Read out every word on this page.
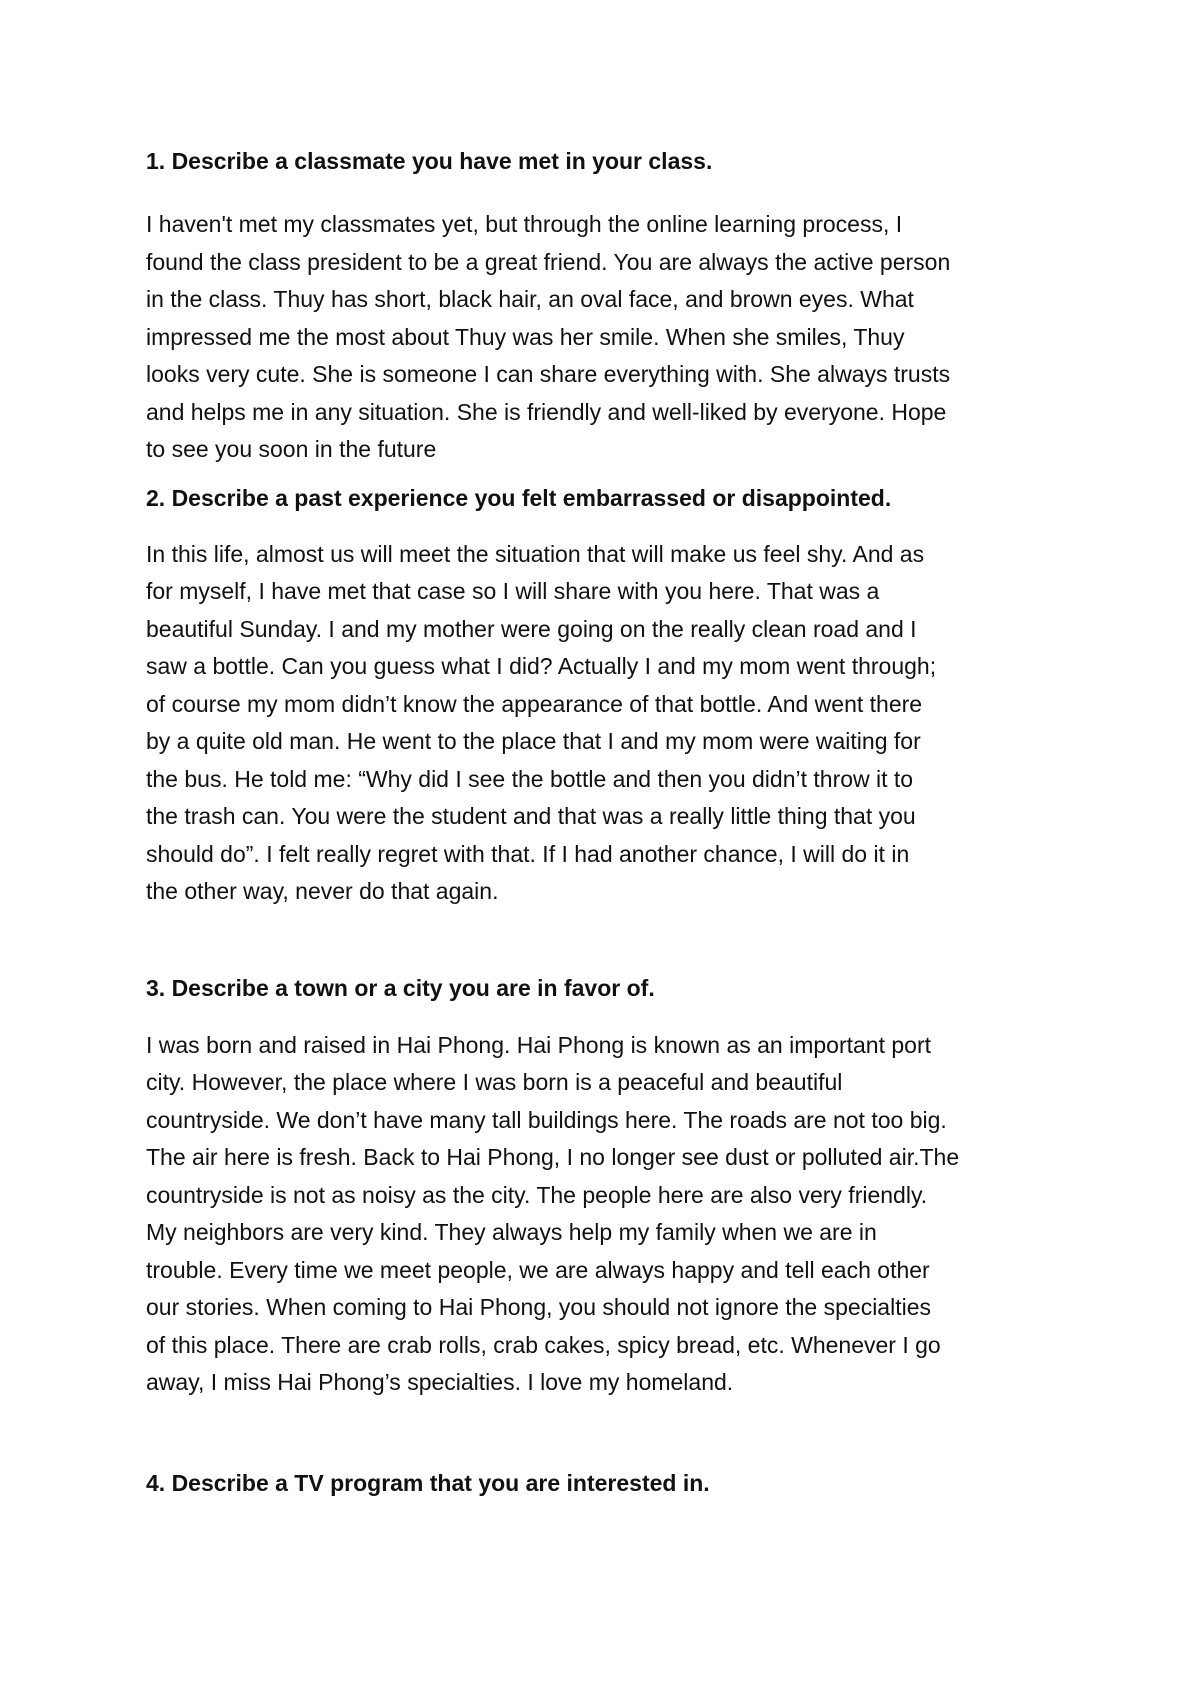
1. Describe a classmate you have met in your class.
I haven't met my classmates yet, but through the online learning process, I
found the class president to be a great friend. You are always the active person
in the class. Thuy has short, black hair, an oval face, and brown eyes. What
impressed me the most about Thuy was her smile. When she smiles, Thuy
looks very cute. She is someone I can share everything with. She always trusts
and helps me in any situation. She is friendly and well-liked by everyone. Hope
to see you soon in the future
2. Describe a past experience you felt embarrassed or disappointed.
In this life, almost us will meet the situation that will make us feel shy. And as
for myself, I have met that case so I will share with you here. That was a
beautiful Sunday. I and my mother were going on the really clean road and I
saw a bottle. Can you guess what I did? Actually I and my mom went through;
of course my mom didn’t know the appearance of that bottle. And went there
by a quite old man. He went to the place that I and my mom were waiting for
the bus. He told me: “Why did I see the bottle and then you didn’t throw it to
the trash can. You were the student and that was a really little thing that you
should do”. I felt really regret with that. If I had another chance, I will do it in
the other way, never do that again.
3. Describe a town or a city you are in favor of.
I was born and raised in Hai Phong. Hai Phong is known as an important port
city. However, the place where I was born is a peaceful and beautiful
countryside. We don’t have many tall buildings here. The roads are not too big.
The air here is fresh. Back to Hai Phong, I no longer see dust or polluted air.The
countryside is not as noisy as the city. The people here are also very friendly.
My neighbors are very kind. They always help my family when we are in
trouble. Every time we meet people, we are always happy and tell each other
our stories. When coming to Hai Phong, you should not ignore the specialties
of this place. There are crab rolls, crab cakes, spicy bread, etc. Whenever I go
away, I miss Hai Phong’s specialties. I love my homeland.
4. Describe a TV program that you are interested in.
